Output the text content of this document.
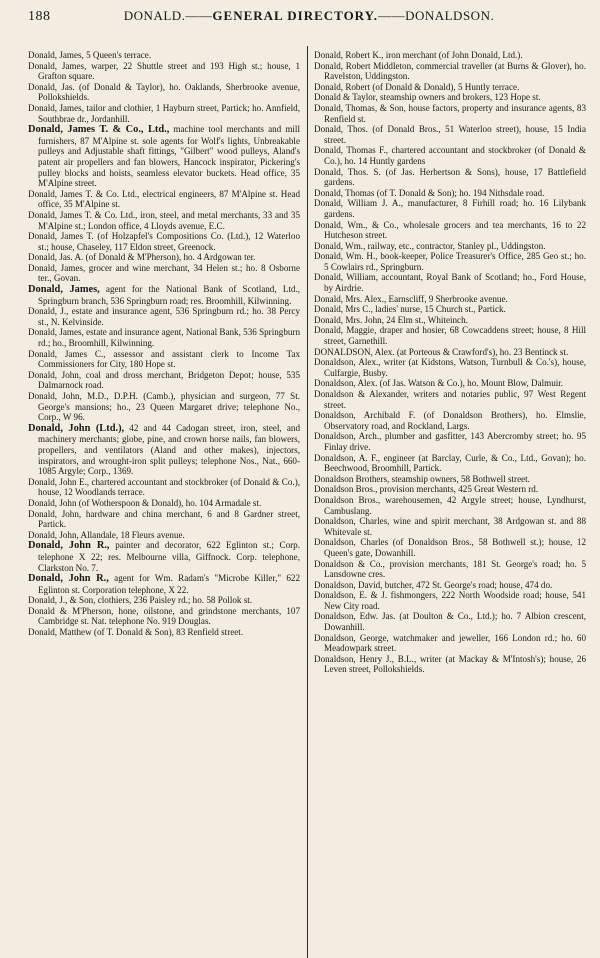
188	DONALD.——GENERAL DIRECTORY.——DONALDSON.

Donald, James, 5 Queen's terrace.

Donald, James, warper, 22 Shuttle street and 193 High st.; house, 1 Grafton square.

Donald, Jas. (of Donald & Taylor), ho. Oaklands, Sherbrooke avenue, Pollokshields.

Donald, James, tailor and clothier, 1 Hayburn street, Partick; ho. Annfield, Southbrae dr., Jordanhill.

Donald, James T. & Co., Ltd., machine tool merchants and mill furnishers, 87 M'Alpine st. sole agents for Wolf's lights, Unbreakable pulleys and Adjustable shaft fittings, "Gilbert" wood pulleys, Aland's patent air propellers and fan blowers, Hancock inspirator, Pickering's pulley blocks and hoists, seamless elevator buckets. Head office, 35 M'Alpine street.

Donald, James T. & Co. Ltd., electrical engineers, 87 M'Alpine st. Head office, 35 M'Alpine st.

Donald, James T. & Co. Ltd., iron, steel, and metal merchants, 33 and 35 M'Alpine st.; London office, 4 Lloyds avenue, E.C.

Donald, James T. (of Holzapfel's Compositions Co. (Ltd.), 12 Waterloo st.; house, Chaseley, 117 Eldon street, Greenock.

Donald, Jas. A. (of Donald & M'Pherson), ho. 4 Ardgowan ter.

Donald, James, grocer and wine merchant, 34 Helen st.; ho. 8 Osborne ter., Govan.

Donald, James, agent for the National Bank of Scotland, Ltd., Springburn branch, 536 Springburn road; res. Broomhill, Kilwinning.

Donald, J., estate and insurance agent, 536 Springburn rd.; ho. 38 Percy st., N. Kelvinside.

Donald, James, estate and insurance agent, National Bank, 536 Springburn rd.; ho., Broomhill, Kilwinning.

Donald, James C., assessor and assistant clerk to Income Tax Commissioners for City, 180 Hope st.

Donald, John, coal and dross merchant, Bridgeton Depot; house, 535 Dalmarnock road.

Donald, John, M.D., D.P.H. (Camb.), physician and surgeon, 77 St. George's mansions; ho., 23 Queen Margaret drive; telephone No., Corp., W 96.

Donald, John (Ltd.), 42 and 44 Cadogan street, iron, steel, and machinery merchants; globe, pine, and crown horse nails, fan blowers, propellers, and ventilators (Aland and other makes), injectors, inspirators, and wrought-iron split pulleys; telephone Nos., Nat., 660-1085 Argyle; Corp., 1369.

Donald, John E., chartered accountant and stockbroker (of Donald & Co.), house, 12 Woodlands terrace.

Donald, John (of Wotherspoon & Donald), ho. 104 Armadale st.

Donald, John, hardware and china merchant, 6 and 8 Gardner street, Partick.

Donald, John, Allandale, 18 Fleurs avenue.

Donald, John R., painter and decorator, 622 Eglinton st.; Corp. telephone X 22; res. Melbourne villa, Giffnock. Corp. telephone, Clarkston No. 7.

Donald, John R., agent for Wm. Radam's "Microbe Killer," 622 Eglinton st. Corporation telephone, X 22.

Donald, J., & Son, clothiers, 236 Paisley rd.; ho. 58 Pollok st.

Donald & M'Pherson, hone, oilstone, and grindstone merchants, 107 Cambridge st. Nat. telephone No. 919 Douglas.

Donald, Matthew (of T. Donald & Son), 83 Renfield street.

Donald, Robert K., iron merchant (of John Donald, Ltd.).

Donald, Robert Middleton, commercial traveller (at Burns & Glover), ho. Ravelston, Uddingston.

Donald, Robert (of Donald & Donald), 5 Huntly terrace.

Donald & Taylor, steamship owners and brokers, 123 Hope st.

Donald, Thomas, & Son, house factors, property and insurance agents, 83 Renfield st.

Donald, Thos. (of Donald Bros., 51 Waterloo street), house, 15 India street.

Donald, Thomas F., chartered accountant and stockbroker (of Donald & Co.), ho. 14 Huntly gardens

Donald, Thos. S. (of Jas. Herbertson & Sons), house, 17 Battlefield gardens.

Donald, Thomas (of T. Donald & Son); ho. 194 Nithsdale road.

Donald, William J. A., manufacturer, 8 Firhill road; ho. 16 Lilybank gardens.

Donald, Wm., & Co., wholesale grocers and tea merchants, 16 to 22 Hutcheson street.

Donald, Wm., railway, etc., contractor, Stanley pl., Uddingston.

Donald, Wm. H., book-keeper, Police Treasurer's Office, 285 Geo st.; ho. 5 Cowlairs rd., Springburn.

Donald, William, accountant, Royal Bank of Scotland; ho., Ford House, by Airdrie.

Donald, Mrs. Alex., Earnscliff, 9 Sherbrooke avenue.

Donald, Mrs C., ladies' nurse, 15 Church st., Partick.

Donald, Mrs. John, 24 Elm st., Whiteinch.

Donald, Maggie, draper and hosier, 68 Cowcaddens street; house, 8 Hill street, Garnethill.

DONALDSON, Alex. (at Porteous & Crawford's), ho. 23 Bentinck st.

Donaldson, Alex., writer (at Kidstons, Watson, Turnbull & Co.'s), house, Culfargie, Busby.

Donaldson, Alex. (of Jas. Watson & Co.), ho. Mount Blow, Dalmuir.

Donaldson & Alexander, writers and notaries public, 97 West Regent street.

Donaldson, Archibald F. (of Donaldson Brothers), ho. Elmslie, Observatory road, and Rockland, Largs.

Donaldson, Arch., plumber and gasfitter, 143 Abercromby street; ho. 95 Finlay drive.

Donaldson, A. F., engineer (at Barclay, Curle, & Co., Ltd., Govan); ho. Beechwood, Broomhill, Partick.

Donaldson Brothers, steamship owners, 58 Bothwell street.

Donaldson Bros., provision merchants, 425 Great Western rd.

Donaldson Bros., warehousemen, 42 Argyle street; house, Lyndhurst, Cambuslang.

Donaldson, Charles, wine and spirit merchant, 38 Ardgowan st. and 88 Whitevale st.

Donaldson, Charles (of Donaldson Bros., 58 Bothwell st.); house, 12 Queen's gate, Dowanhill.

Donaldson & Co., provision merchants, 181 St. George's road; ho. 5 Lansdowne cres.

Donaldson, David, butcher, 472 St. George's road; house, 474 do.

Donaldson, E. & J. fishmongers, 222 North Woodside road; house, 541 New City road.

Donaldson, Edw. Jas. (at Doulton & Co., Ltd.); ho. 7 Albion crescent, Dowanhill.

Donaldson, George, watchmaker and jeweller, 166 London rd.; ho. 60 Meadowpark street.

Donaldson, Henry J., B.L., writer (at Mackay & M'Intosh's); house, 26 Leven street, Pollokshields.
